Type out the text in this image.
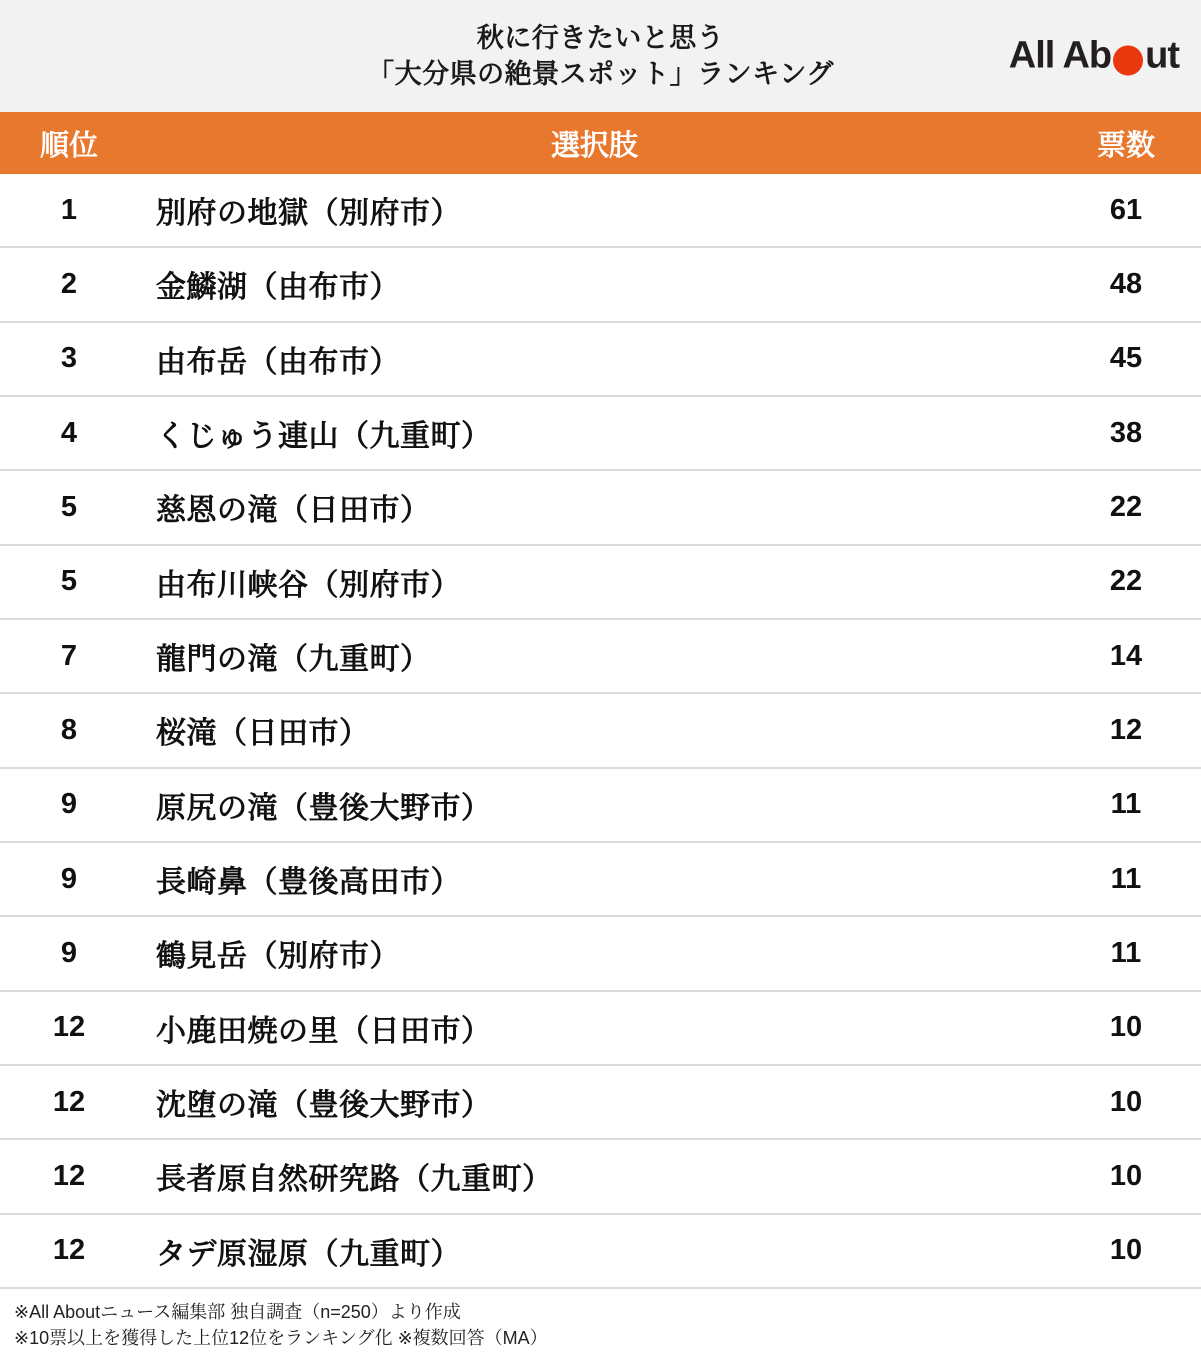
秋に行きたいと思う
「大分県の絶景スポット」ランキング	All Ab ut
順位	選択肢	票数
1	別府の地獄（別府市）	61
2	金鱗湖（由布市）	48
3	由布岳（由布市）	45
4	くじゅう連山（九重町）	38
5	慈恩の滝（日田市）	22
5	由布川峡谷（別府市）	22
7	龍門の滝（九重町）	14
8	桜滝（日田市）	12
9	原尻の滝（豊後大野市）	11
9	長崎鼻（豊後高田市）	11
9	鶴見岳（別府市）	11
12	小鹿田焼の里（日田市）	10
12	沈堕の滝（豊後大野市）	10
12	長者原自然研究路（九重町）	10
12	タデ原湿原（九重町）	10
※All Aboutニュース編集部 独自調査（n=250）より作成
※10票以上を獲得した上位12位をランキング化 ※複数回答（MA）
